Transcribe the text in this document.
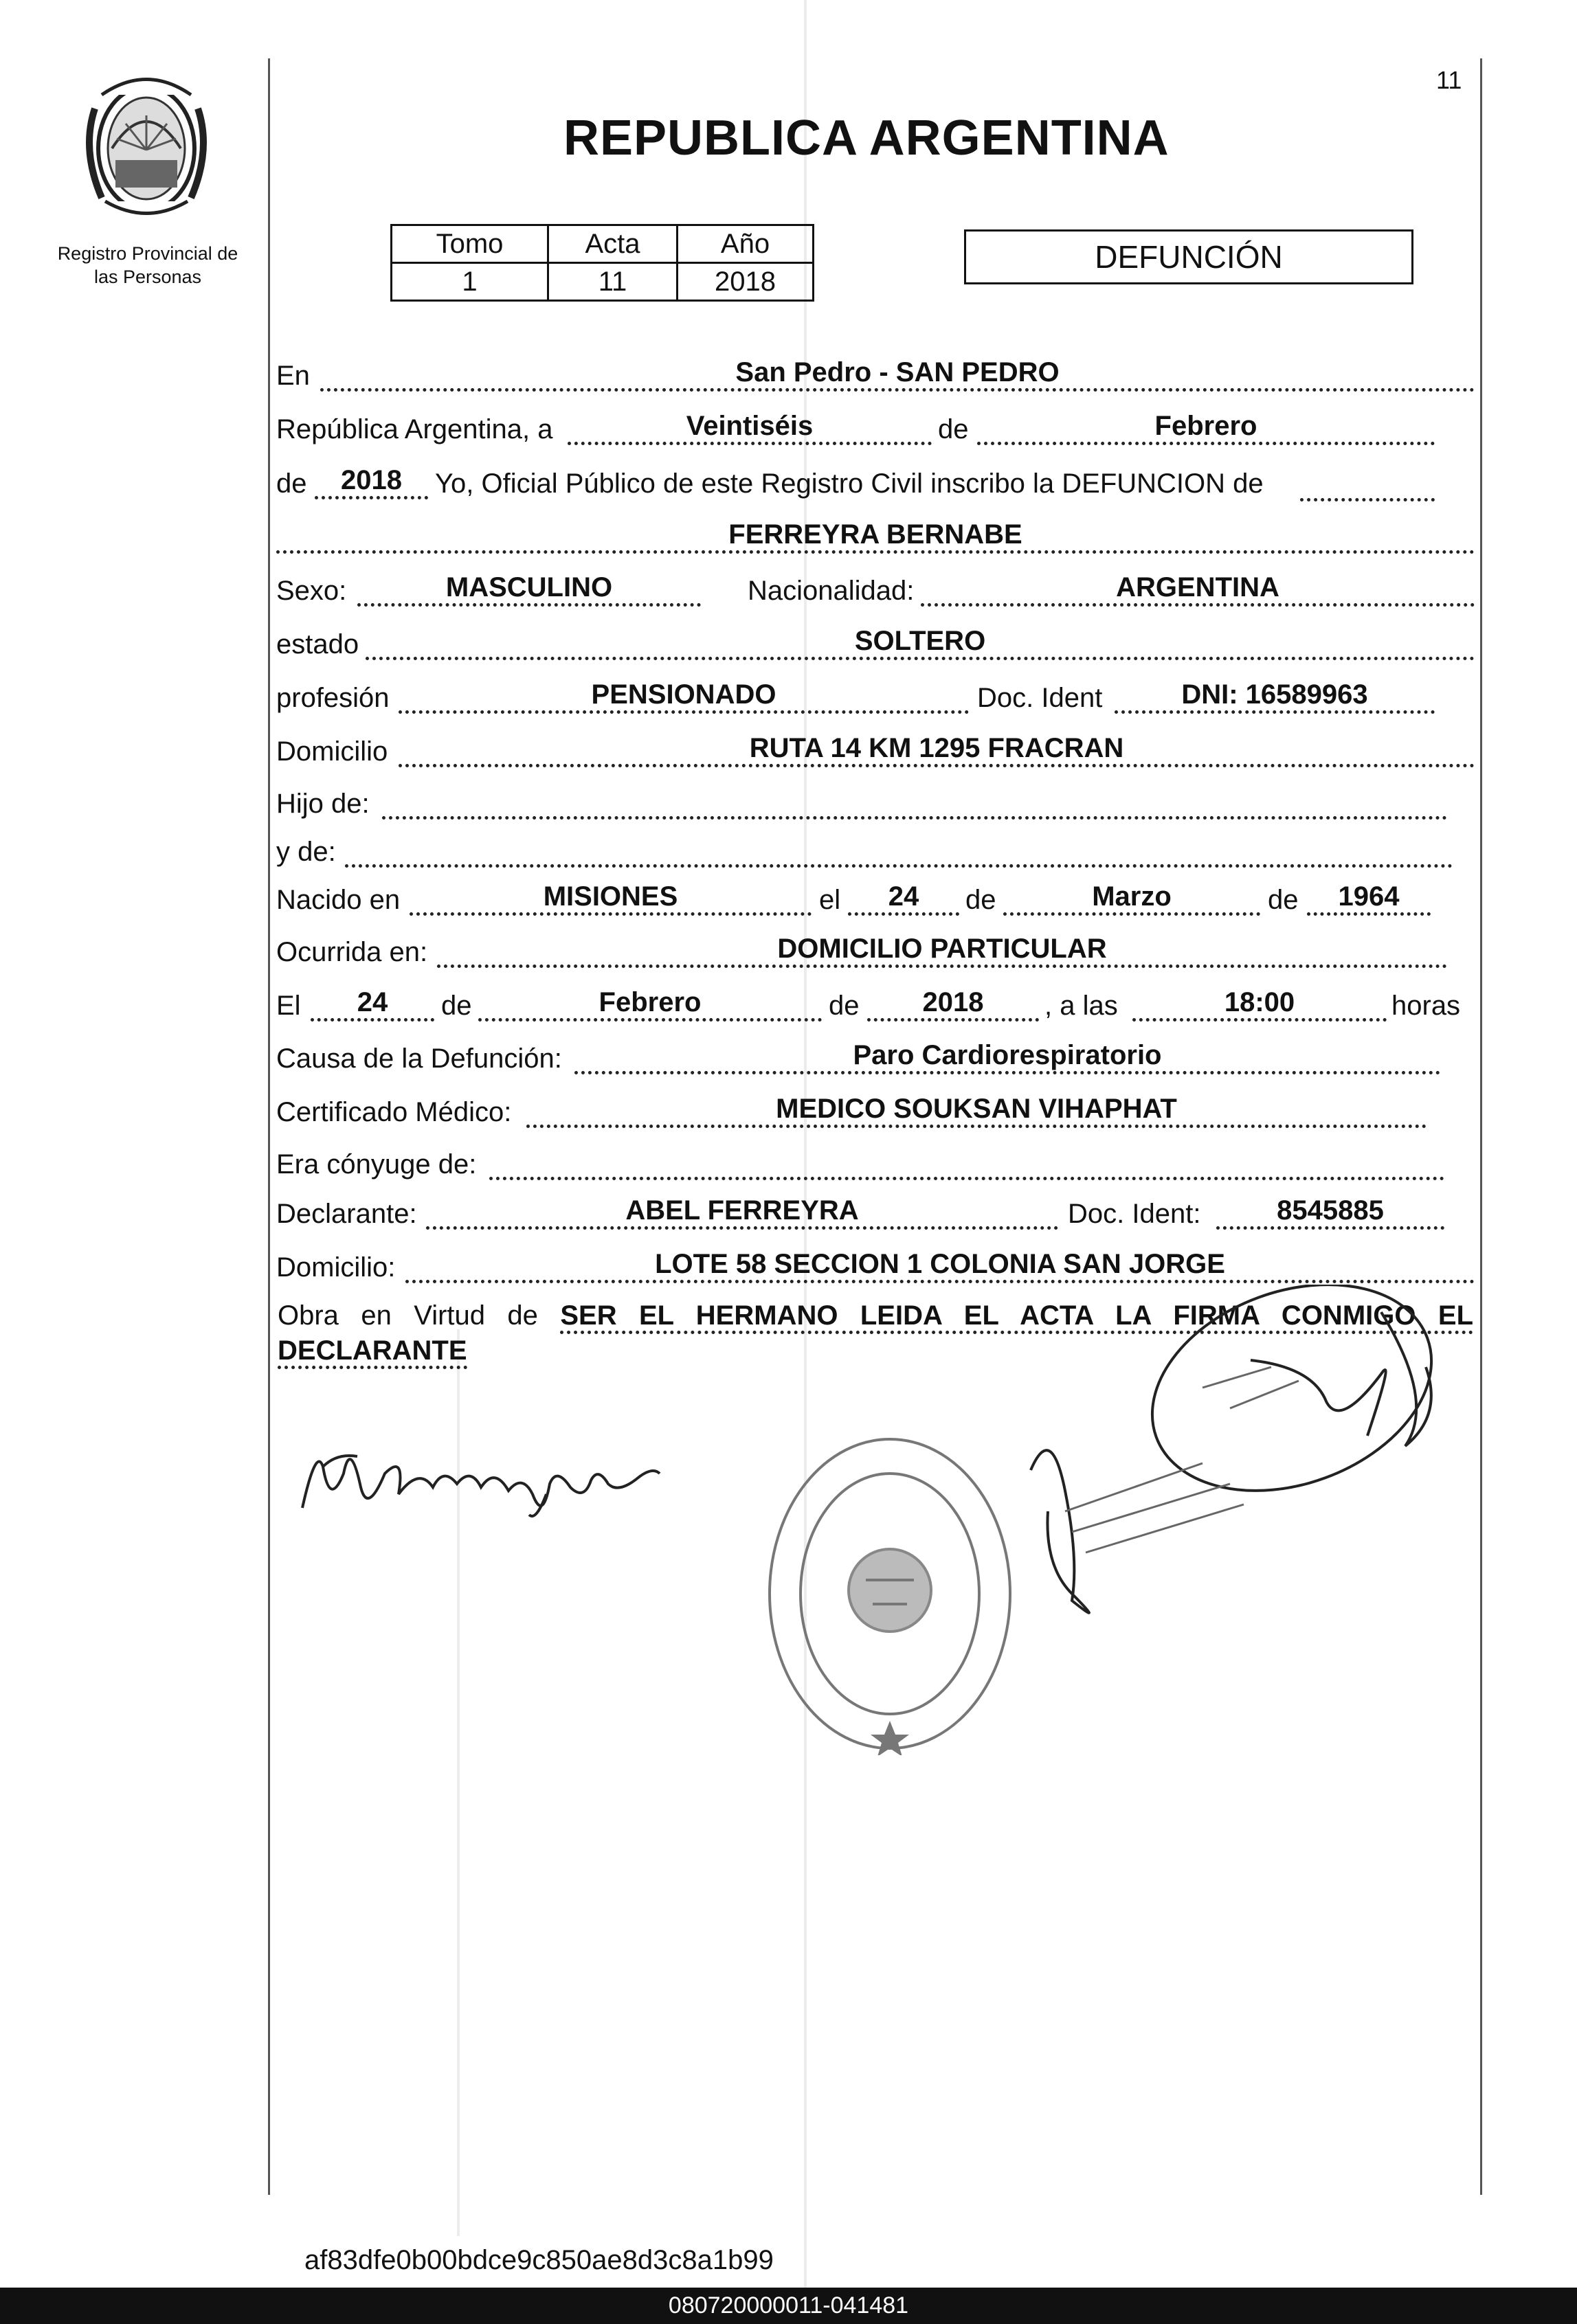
Registro Provincial de
las Personas
REPUBLICA ARGENTINA
11
Tomo	Acta	Año
1	11	2018
DEFUNCIÓN
En	San Pedro - SAN PEDRO
República Argentina, a	Veintiséis	de	Febrero
de	2018	Yo, Oficial Público de este Registro Civil inscribo la DEFUNCION de
FERREYRA BERNABE
Sexo:	MASCULINO	Nacionalidad:	ARGENTINA
estado	SOLTERO
profesión	PENSIONADO	Doc. Ident	DNI: 16589963
Domicilio	RUTA 14 KM 1295 FRACRAN
Hijo de:
y de:
Nacido en	MISIONES	el	24	de	Marzo	de	1964
Ocurrida en:	DOMICILIO PARTICULAR
El	24	de	Febrero	de	2018	, a las	18:00	horas
Causa de la Defunción:	Paro Cardiorespiratorio
Certificado Médico:	MEDICO SOUKSAN VIHAPHAT
Era cónyuge de:
Declarante:	ABEL FERREYRA	Doc. Ident:	8545885
Domicilio:	LOTE 58 SECCION 1 COLONIA SAN JORGE
Obra en Virtud de SER EL HERMANO LEIDA EL ACTA LA FIRMA CONMIGO EL
DECLARANTE
af83dfe0b00bdce9c850ae8d3c8a1b99
080720000011-041481
